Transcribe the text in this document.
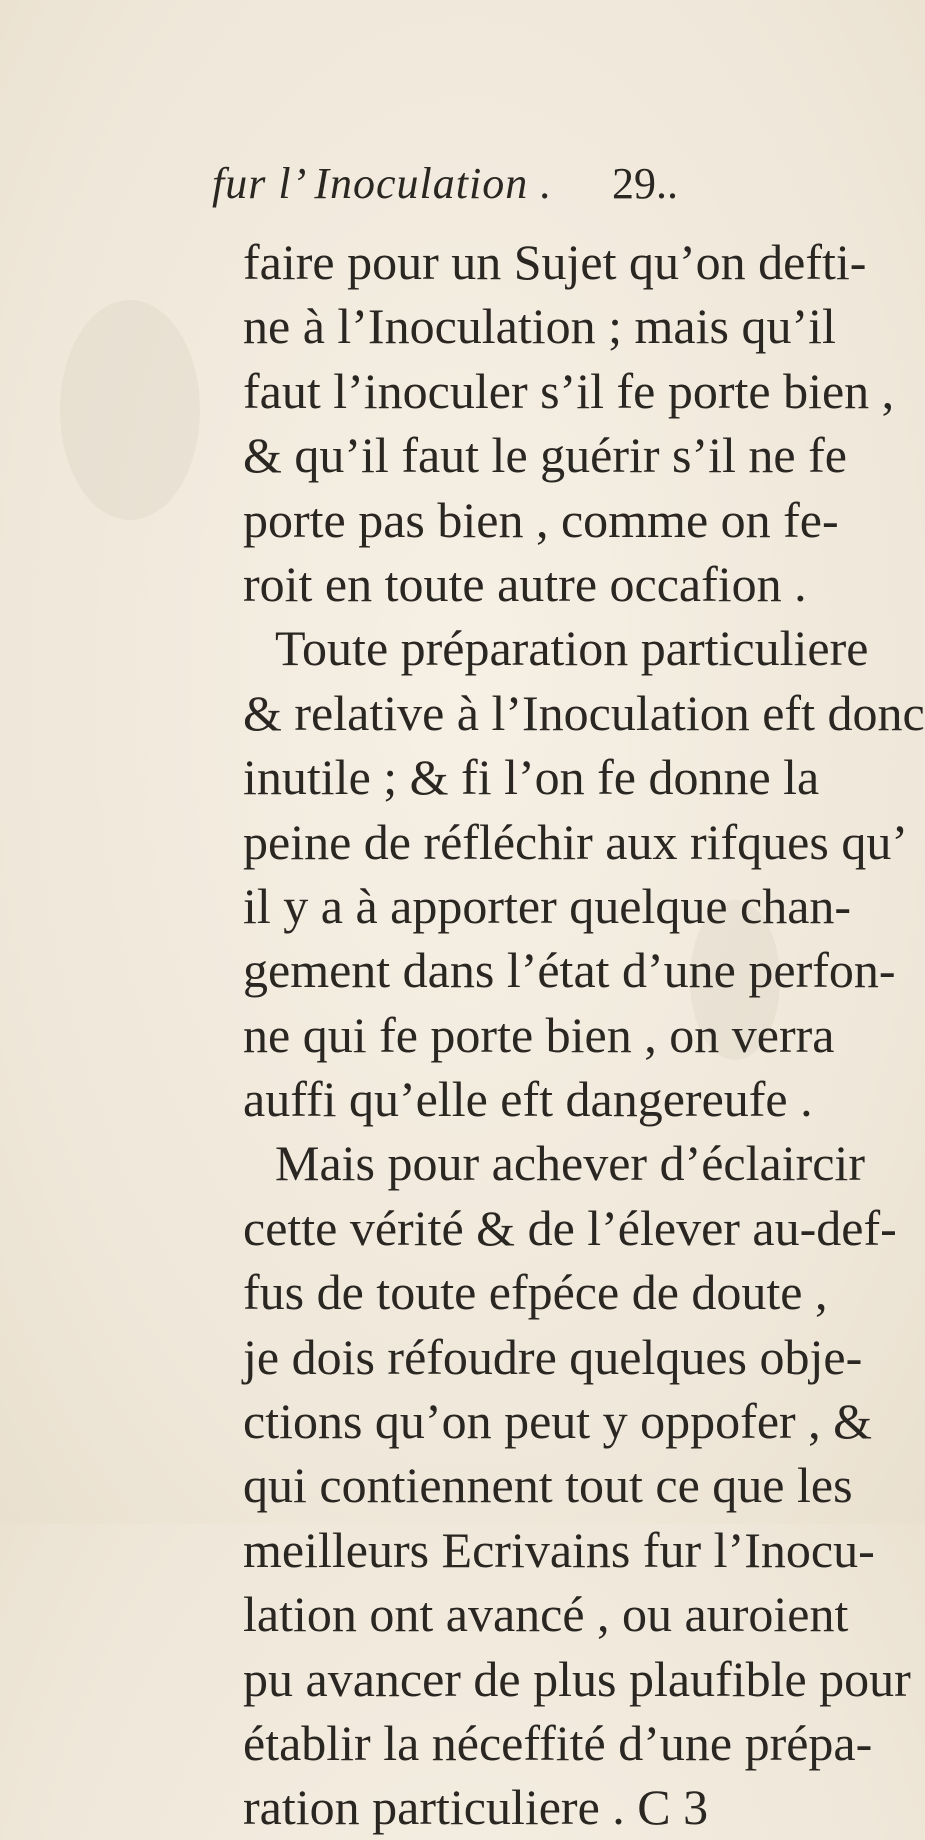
fur l’ Inoculation . 29..
faire pour un Sujet qu’on defti-
ne à l’Inoculation ; mais qu’il
faut l’inoculer s’il fe porte bien ,
& qu’il faut le guérir s’il ne fe
porte pas bien , comme on fe-
roit en toute autre occafion .
Toute préparation particuliere
& relative à l’Inoculation eft donc
inutile ; & fi l’on fe donne la
peine de réfléchir aux rifques qu’
il y a à apporter quelque chan-
gement dans l’état d’une perfon-
ne qui fe porte bien , on verra
auffi qu’elle eft dangereufe .
Mais pour achever d’éclaircir
cette vérité & de l’élever au-def-
fus de toute efpéce de doute ,
je dois réfoudre quelques obje-
ctions qu’on peut y oppofer , &
qui contiennent tout ce que les
meilleurs Ecrivains fur l’Inocu-
lation ont avancé , ou auroient
pu avancer de plus plaufible pour
établir la néceffité d’une prépa-
ration particuliere . C 3
